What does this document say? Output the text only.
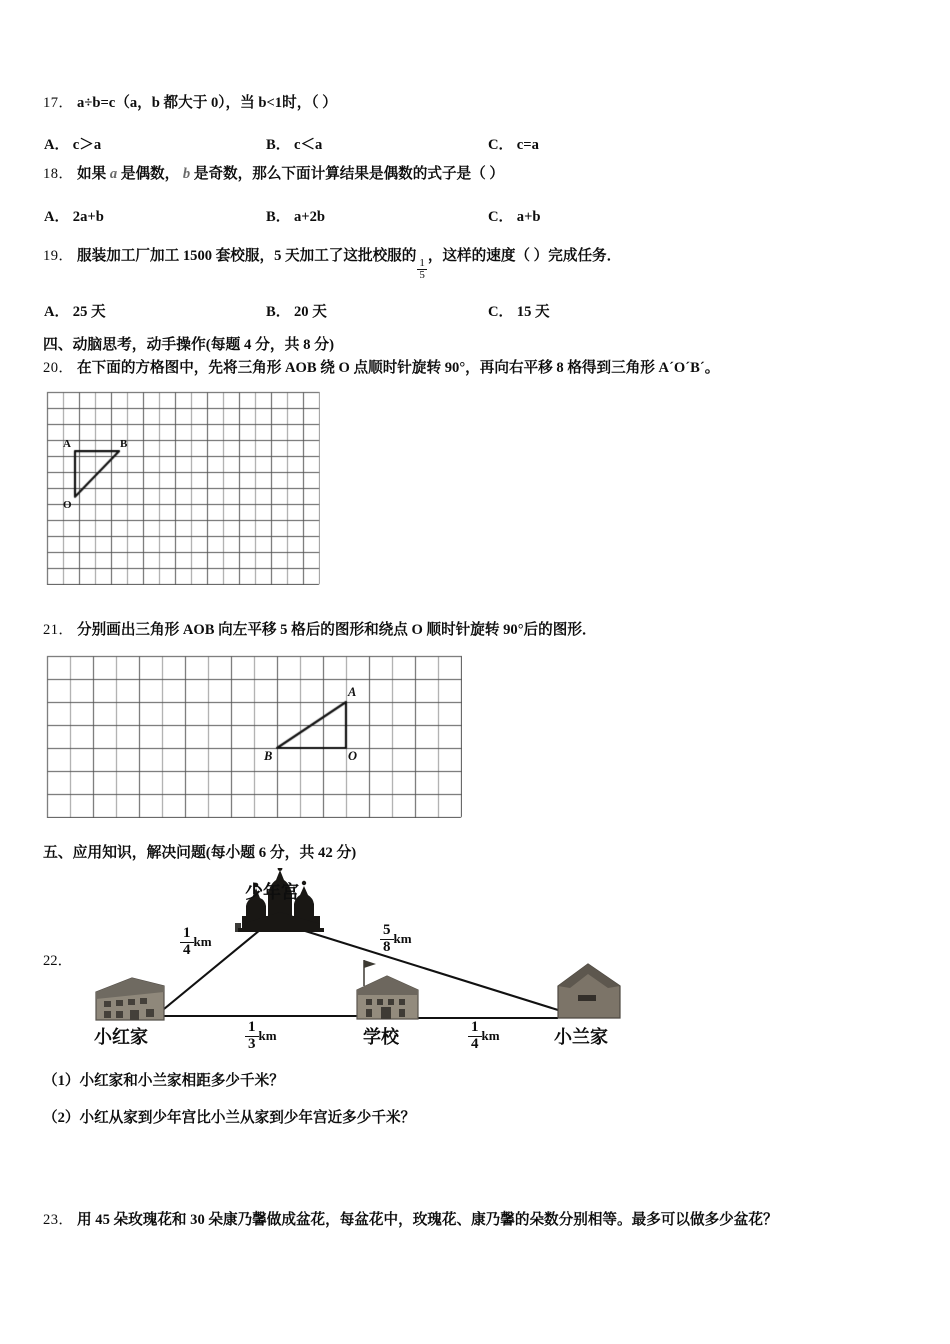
17． a÷b=c（a，b 都大于 0），当 b<1时，（ ）
A． c＞a	B． c＜a	C． c=a
18． 如果 a 是偶数， b 是奇数，那么下面计算结果是偶数的式子是（ ）
A． 2a+b	B． a+2b	C． a+b
19． 服装加工厂加工 1500 套校服，5 天加工了这批校服的
$\frac{1}{5}$
，这样的速度（ ）完成任务．
A． 25 天	B． 20 天	C． 15 天
四、动脑思考，动手操作(每题 4 分，共 8 分)
20． 在下面的方格图中，先将三角形 AOB 绕 O 点顺时针旋转 90°，再向右平移 8 格得到三角形 A´O´B´。
A	B
O
21． 分别画出三角形 AOB 向左平移 5 格后的图形和绕点 O 顺时针旋转 90°后的图形．
A
B	O
五、应用知识，解决问题(每小题 6 分，共 42 分)
22．
少年宫
小红家	学校	小兰家
$\frac{1}{4}$ km	$\frac{5}{8}$ km
$\frac{1}{3}$ km	$\frac{1}{4}$ km
（1）小红家和小兰家相距多少千米？
（2）小红从家到少年宫比小兰从家到少年宫近多少千米？
23． 用 45 朵玫瑰花和 30 朵康乃馨做成盆花，每盆花中，玫瑰花、康乃馨的朵数分别相等。最多可以做多少盆花？
